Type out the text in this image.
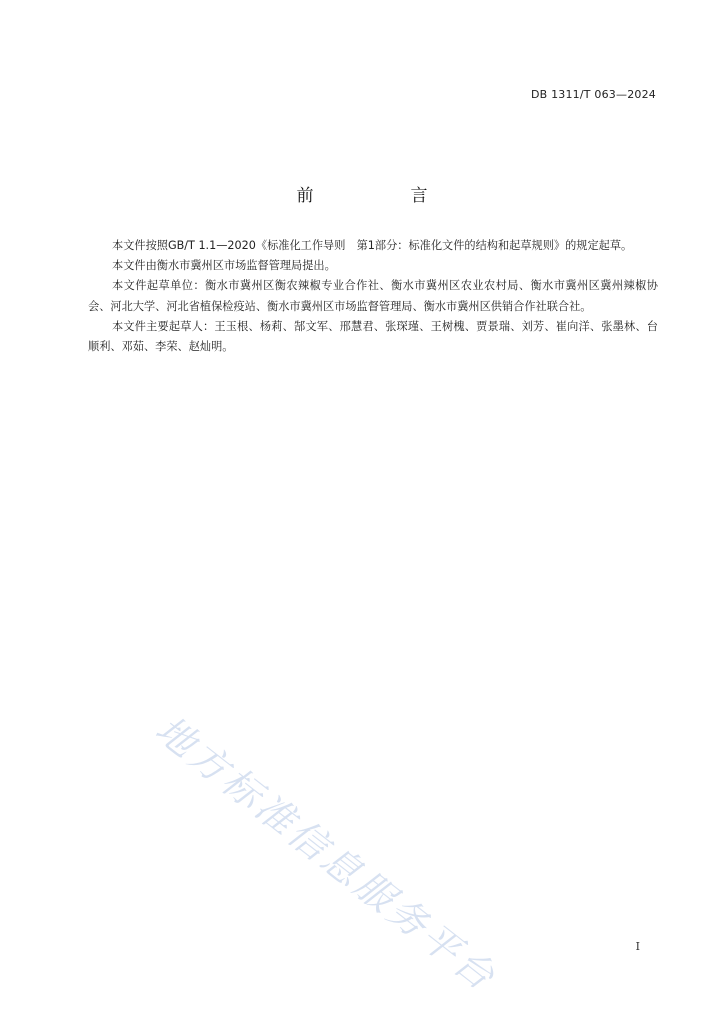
DB 1311/T 063—2024
前　言

本文件按照GB/T 1.1—2020《标准化工作导则　第1部分：标准化文件的结构和起草规则》的规定起草。

本文件由衡水市冀州区市场监督管理局提出。

本文件起草单位：衡水市冀州区衡农辣椒专业合作社、衡水市冀州区农业农村局、衡水市冀州区冀州辣椒协会、河北大学、河北省植保检疫站、衡水市冀州区市场监督管理局、衡水市冀州区供销合作社联合社。

本文件主要起草人：王玉根、杨莉、郜文军、邢慧君、张琛瑾、王树槐、贾景瑞、刘芳、崔向洋、张墨林、台顺利、邓茹、李荣、赵灿明。

地方标准信息服务平台	I
